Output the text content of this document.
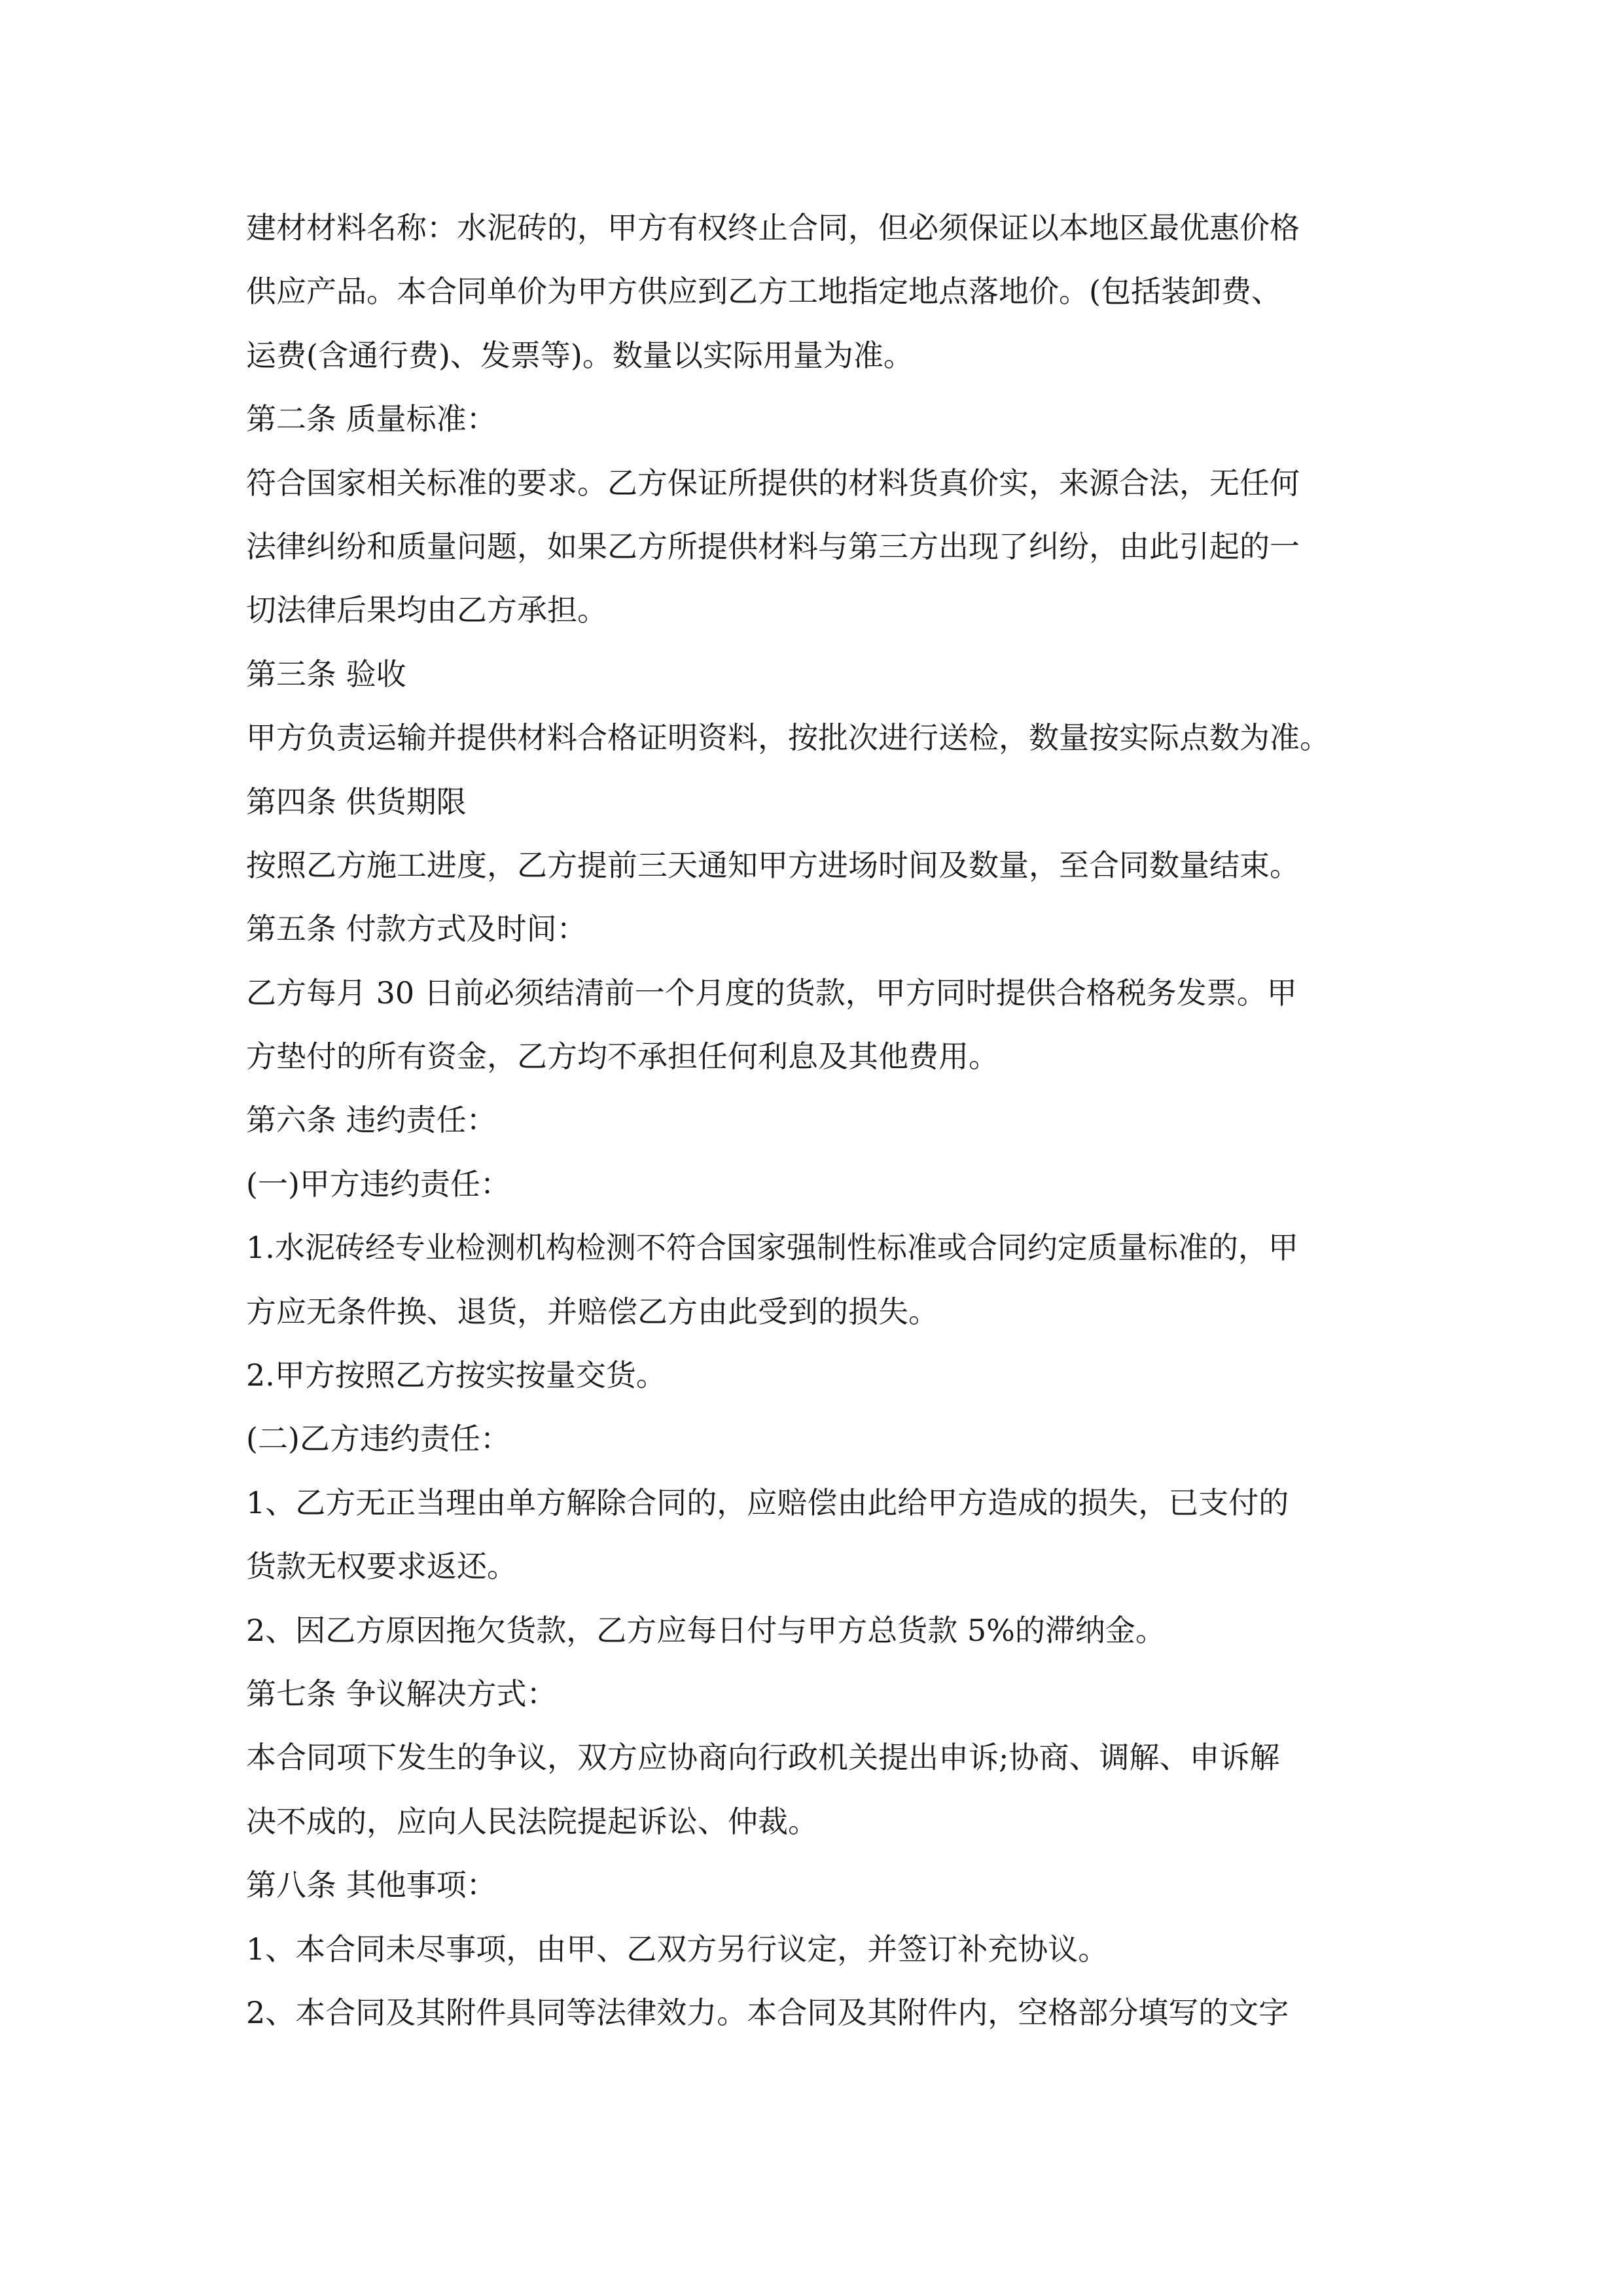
建材材料名称：水泥砖的，甲方有权终止合同，但必须保证以本地区最优惠价格
供应产品。本合同单价为甲方供应到乙方工地指定地点落地价。(包括装卸费、
运费(含通行费)、发票等)。数量以实际用量为准。
第二条 质量标准：
符合国家相关标准的要求。乙方保证所提供的材料货真价实，来源合法，无任何
法律纠纷和质量问题，如果乙方所提供材料与第三方出现了纠纷，由此引起的一
切法律后果均由乙方承担。
第三条 验收
甲方负责运输并提供材料合格证明资料，按批次进行送检，数量按实际点数为准。
第四条 供货期限
按照乙方施工进度，乙方提前三天通知甲方进场时间及数量，至合同数量结束。
第五条 付款方式及时间：
乙方每月 30 日前必须结清前一个月度的货款，甲方同时提供合格税务发票。甲
方垫付的所有资金，乙方均不承担任何利息及其他费用。
第六条 违约责任：
(一)甲方违约责任：
1.水泥砖经专业检测机构检测不符合国家强制性标准或合同约定质量标准的，甲
方应无条件换、退货，并赔偿乙方由此受到的损失。
2.甲方按照乙方按实按量交货。
(二)乙方违约责任：
1、乙方无正当理由单方解除合同的，应赔偿由此给甲方造成的损失，已支付的
货款无权要求返还。
2、因乙方原因拖欠货款，乙方应每日付与甲方总货款 5%的滞纳金。
第七条 争议解决方式：
本合同项下发生的争议，双方应协商向行政机关提出申诉;协商、调解、申诉解
决不成的，应向人民法院提起诉讼、仲裁。
第八条 其他事项：
1、本合同未尽事项，由甲、乙双方另行议定，并签订补充协议。
2、本合同及其附件具同等法律效力。本合同及其附件内，空格部分填写的文字
